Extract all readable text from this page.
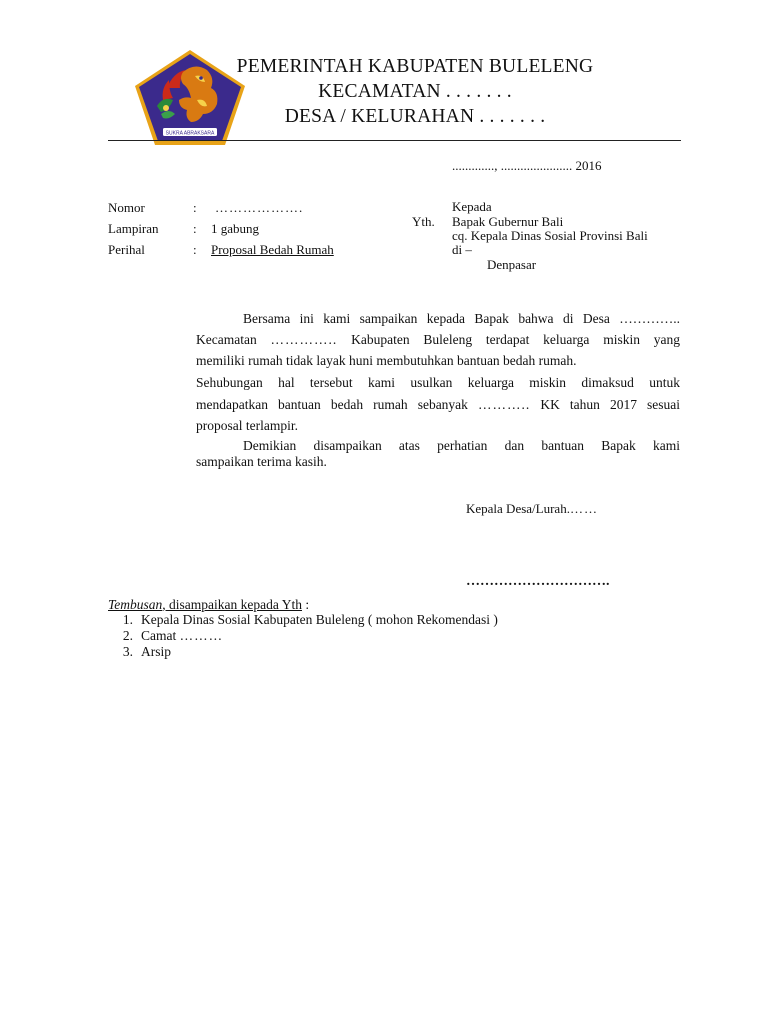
SUKRA ABRAKSARA
PEMERINTAH KABUPATEN BULELENG
KECAMATAN . . . . . . .
DESA / KELURAHAN . . . . . . .
............., ...................... 2016
Nomor	: ……………….
Lampiran	: 1 gabung
Perihal	: Proposal Bedah Rumah
Kepada
Yth. Bapak Gubernur Bali
cq. Kepala Dinas Sosial Provinsi Bali
di –
Denpasar
Bersama ini kami sampaikan kepada Bapak bahwa di Desa …………..
Kecamatan ………….. Kabupaten Buleleng terdapat keluarga miskin yang
memiliki rumah tidak layak huni membutuhkan bantuan bedah rumah.
Sehubungan hal tersebut kami usulkan keluarga miskin dimaksud untuk
mendapatkan bantuan bedah rumah sebanyak ……….. KK tahun 2017 sesuai
proposal terlampir.
Demikian disampaikan atas perhatian dan bantuan Bapak kami
sampaikan terima kasih.
Kepala Desa/Lurah.……
………………………….
Tembusan, disampaikan kepada Yth :
1. Kepala Dinas Sosial Kabupaten Buleleng ( mohon Rekomendasi )
2. Camat ………
3. Arsip
